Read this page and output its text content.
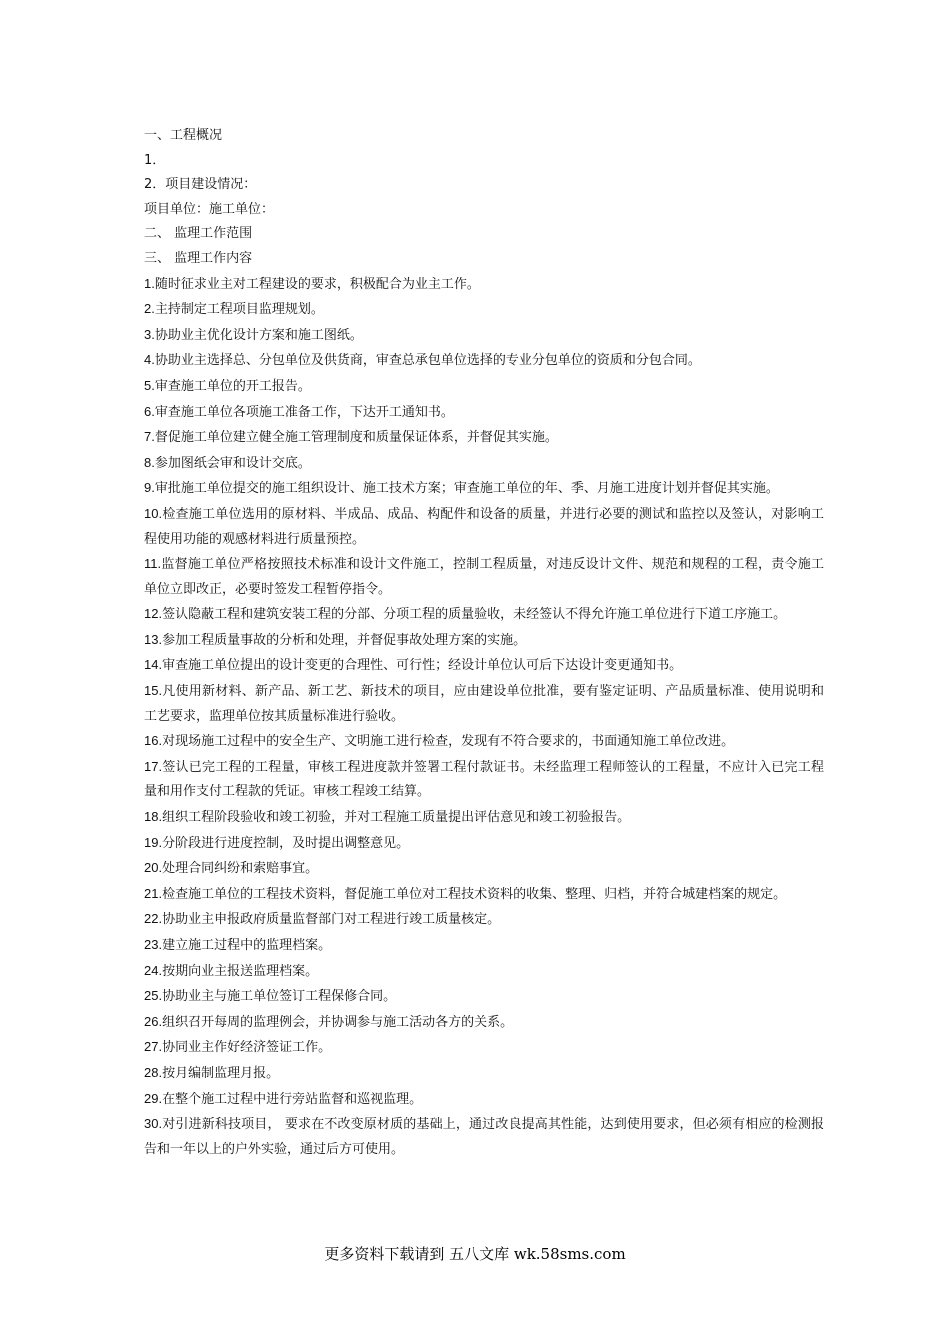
一、工程概况
1．
2．项目建设情况：
项目单位：施工单位：
二、 监理工作范围
三、 监理工作内容
1.随时征求业主对工程建设的要求，积极配合为业主工作。
2.主持制定工程项目监理规划。
3.协助业主优化设计方案和施工图纸。
4.协助业主选择总、分包单位及供货商，审查总承包单位选择的专业分包单位的资质和分包合同。
5.审查施工单位的开工报告。
6.审查施工单位各项施工准备工作，下达开工通知书。
7.督促施工单位建立健全施工管理制度和质量保证体系，并督促其实施。
8.参加图纸会审和设计交底。
9.审批施工单位提交的施工组织设计、施工技术方案；审查施工单位的年、季、月施工进度计划并督促其实施。
10.检查施工单位选用的原材料、半成品、成品、构配件和设备的质量，并进行必要的测试和监控以及签认，对影响工程使用功能的观感材料进行质量预控。
11.监督施工单位严格按照技术标准和设计文件施工，控制工程质量，对违反设计文件、规范和规程的工程，责令施工单位立即改正，必要时签发工程暂停指令。
12.签认隐蔽工程和建筑安装工程的分部、分项工程的质量验收，未经签认不得允许施工单位进行下道工序施工。
13.参加工程质量事故的分析和处理，并督促事故处理方案的实施。
14.审查施工单位提出的设计变更的合理性、可行性；经设计单位认可后下达设计变更通知书。
15.凡使用新材料、新产品、新工艺、新技术的项目，应由建设单位批准，要有鉴定证明、产品质量标准、使用说明和工艺要求，监理单位按其质量标准进行验收。
16.对现场施工过程中的安全生产、文明施工进行检查，发现有不符合要求的，书面通知施工单位改进。
17.签认已完工程的工程量，审核工程进度款并签署工程付款证书。未经监理工程师签认的工程量，不应计入已完工程量和用作支付工程款的凭证。审核工程竣工结算。
18.组织工程阶段验收和竣工初验，并对工程施工质量提出评估意见和竣工初验报告。
19.分阶段进行进度控制，及时提出调整意见。
20.处理合同纠纷和索赔事宜。
21.检查施工单位的工程技术资料，督促施工单位对工程技术资料的收集、整理、归档，并符合城建档案的规定。
22.协助业主申报政府质量监督部门对工程进行竣工质量核定。
23.建立施工过程中的监理档案。
24.按期向业主报送监理档案。
25.协助业主与施工单位签订工程保修合同。
26.组织召开每周的监理例会，并协调参与施工活动各方的关系。
27.协同业主作好经济签证工作。
28.按月编制监理月报。
29.在整个施工过程中进行旁站监督和巡视监理。
30.对引进新科技项目， 要求在不改变原材质的基础上，通过改良提高其性能，达到使用要求，但必须有相应的检测报告和一年以上的户外实验，通过后方可使用。
更多资料下载请到 五八文库 wk.58sms.com
